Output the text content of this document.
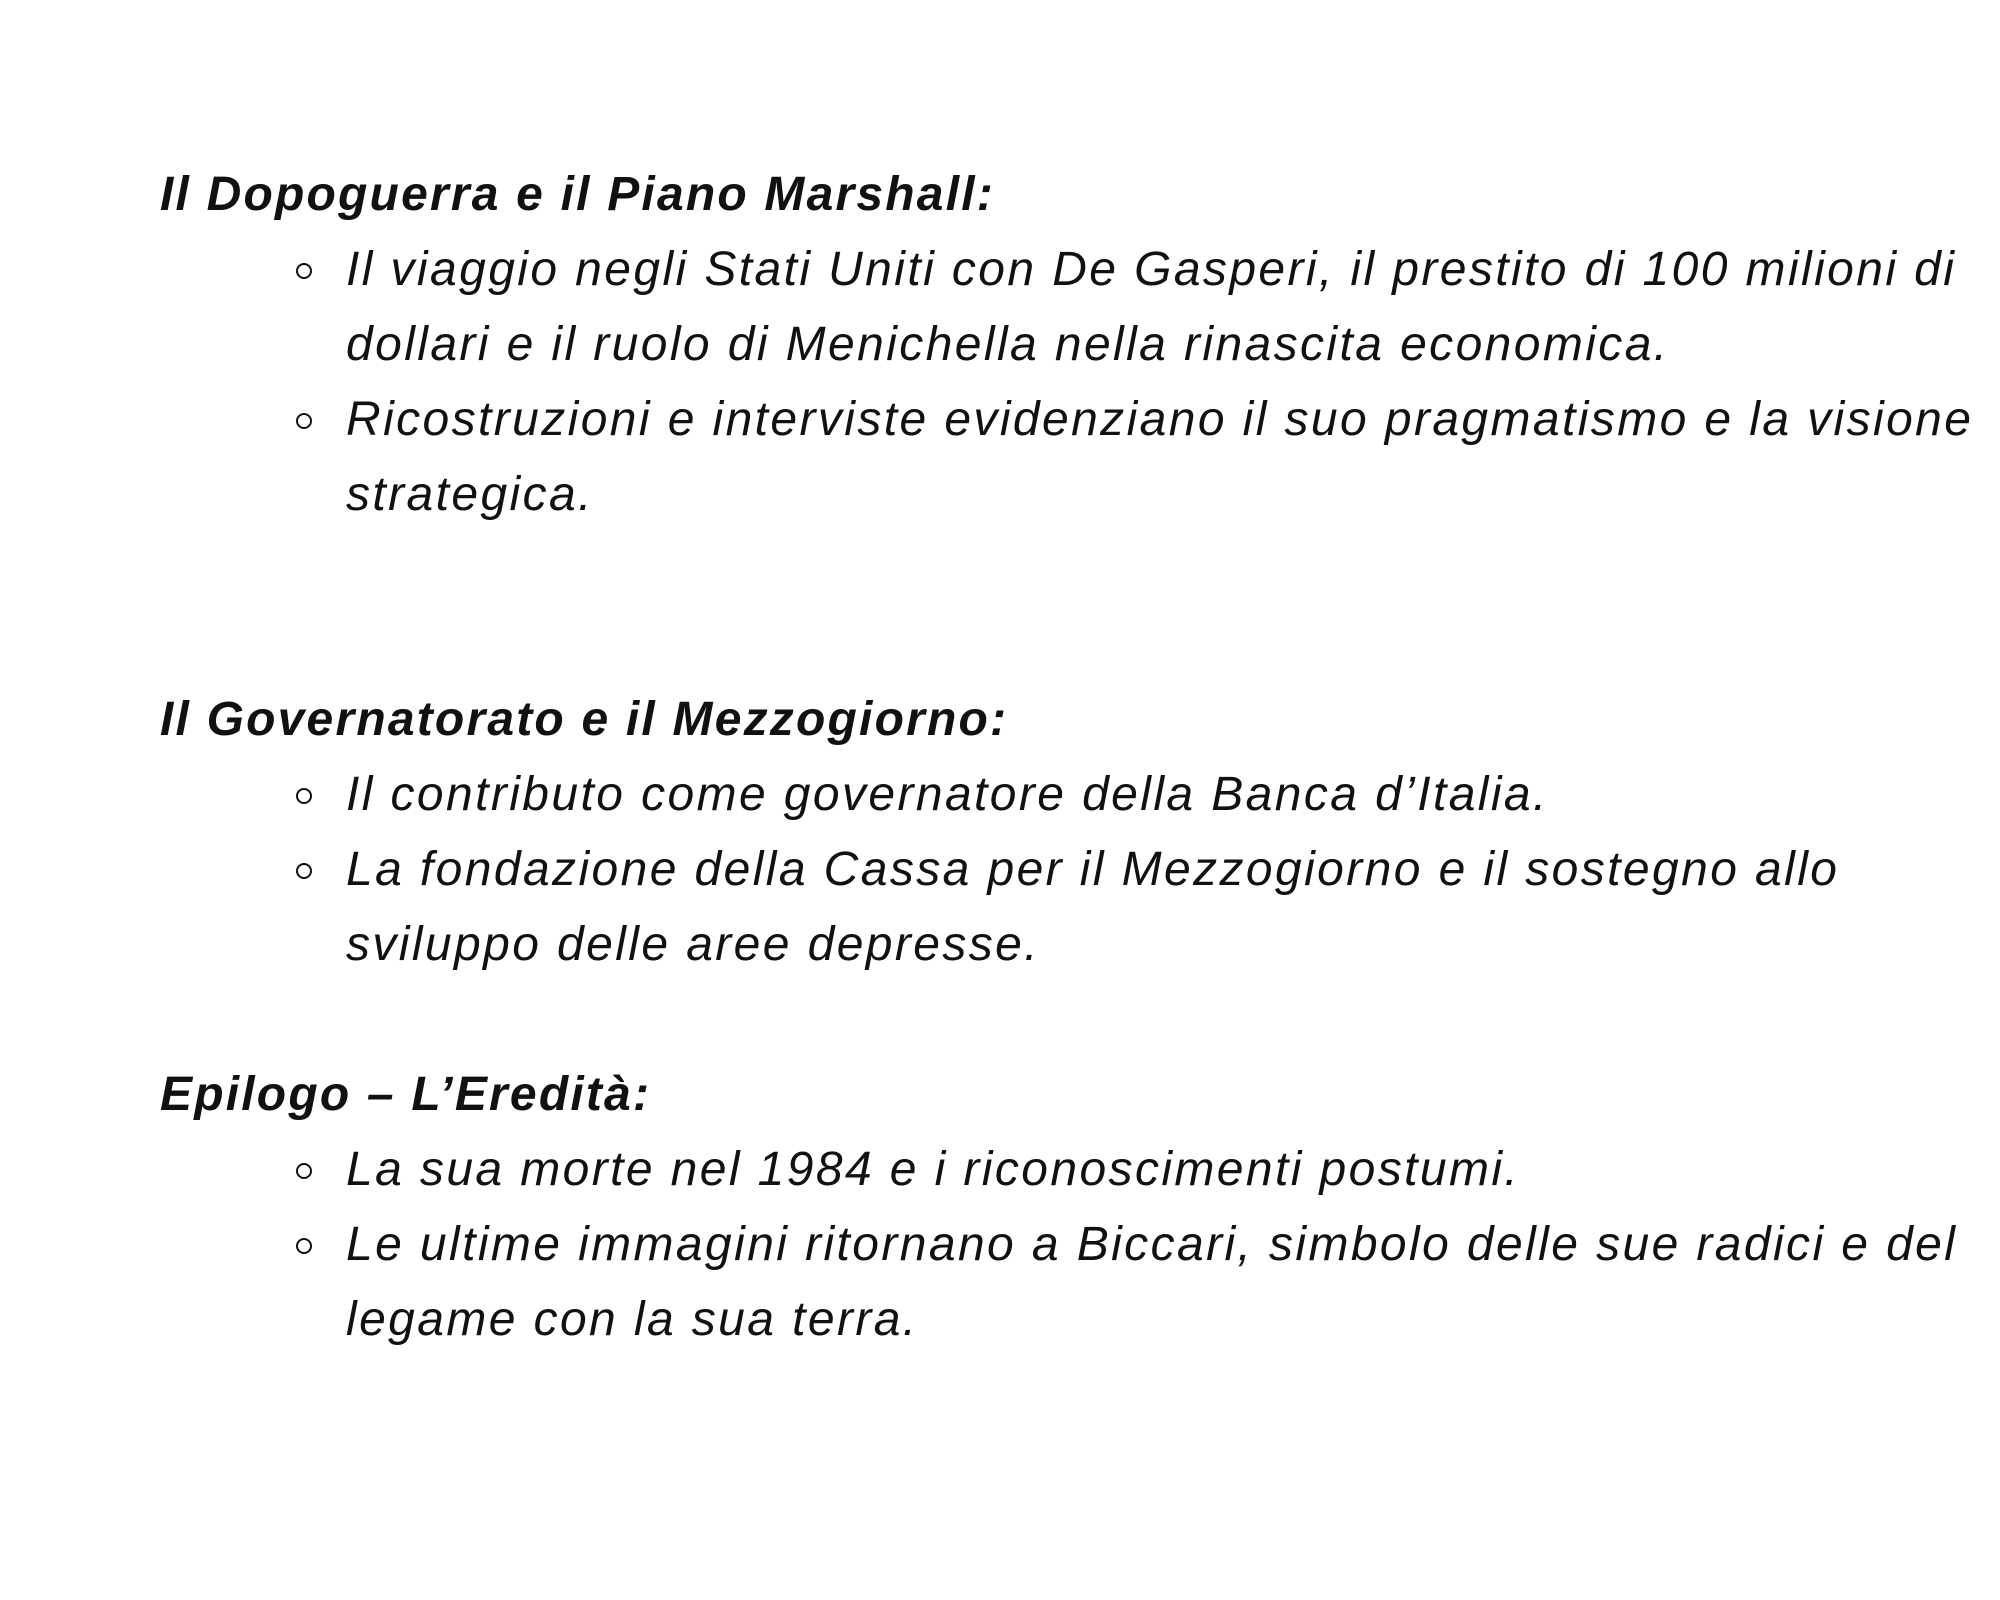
Il Dopoguerra e il Piano Marshall:
Il viaggio negli Stati Uniti con De Gasperi, il prestito di 100 milioni di dollari e il ruolo di Menichella nella rinascita economica.
Ricostruzioni e interviste evidenziano il suo pragmatismo e la visione strategica.
Il Governatorato e il Mezzogiorno:
Il contributo come governatore della Banca d’Italia.
La fondazione della Cassa per il Mezzogiorno e il sostegno allo sviluppo delle aree depresse.
Epilogo – L’Eredità:
La sua morte nel 1984 e i riconoscimenti postumi.
Le ultime immagini ritornano a Biccari, simbolo delle sue radici e del legame con la sua terra.
